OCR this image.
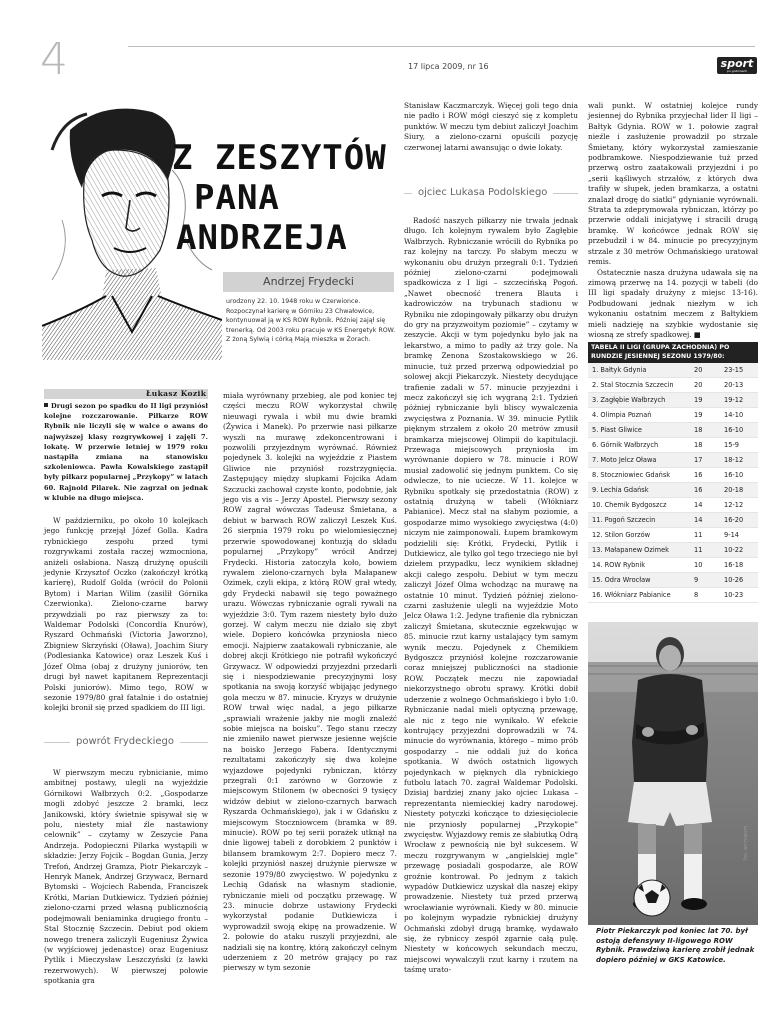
4	17 lipca 2009, nr 16	sport
po godzinach
Z ZESZYTÓW
PANA
ANDRZEJA
Andrzej Frydecki
urodzony 22. 10. 1948 roku w Czerwionce. Rozpoczynał karierę w Górniku 23 Chwałowice, kontynuował ją w KS ROW Rybnik. Później zajął się trenerką. Od 2003 roku pracuje w KS Energetyk ROW. Z żoną Sylwią i córką Mają mieszka w Żorach.
Łukasz Kozik
Drugi sezon po spadku do II ligi przyniósł kolejne rozczarowanie. Piłkarze ROW Rybnik nie liczyli się w walce o awans do najwyższej klasy rozgrywkowej i zajęli 7. lokatę. W przerwie letniej w 1979 roku nastąpiła zmiana na stanowisku szkoleniowca. Pawła Kowalskiego zastąpił były piłkarz popularnej „Przykopy” w latach 60. Rajnold Pilarek. Nie zagrzał on jednak w klubie na długo miejsca.

W październiku, po około 10 kolejkach jego funkcję przejął Józef Golla. Kadra rybnickiego zespołu przed tymi rozgrywkami została raczej wzmocniona, aniżeli osłabiona. Naszą drużynę opuścili jedynie Krzysztof Oczko (zakończył krótką karierę), Rudolf Golda (wrócił do Polonii Bytom) i Marian Wilim (zasilił Górnika Czerwionka). Zielono-czarne barwy przywdziali po raz pierwszy za to: Waldemar Podolski (Concordia Knurów), Ryszard Ochmański (Victoria Jaworzno), Zbigniew Skrzyński (Oława), Joachim Siury (Podlesianka Katowice) oraz Leszek Kuś i Józef Olma (obaj z drużyny juniorów, ten drugi był nawet kapitanem Reprezentacji Polski juniorów). Mimo tego, ROW w sezonie 1979/80 grał fatalnie i do ostatniej kolejki bronił się przed spadkiem do III ligi.

powrót Frydeckiego

W pierwszym meczu rybnicianie, mimo ambitnej postawy, ulegli na wyjeździe Górnikowi Wałbrzych 0:2. „Gospodarze mogli zdobyć jeszcze 2 bramki, lecz Janikowski, który świetnie spisywał się w polu, niestety miał źle nastawiony celownik” – czytamy w Zeszycie Pana Andrzeja. Podopieczni Pilarka wystąpili w składzie: Jerzy Fojcik – Bogdan Gunia, Jerzy Trefoń, Andrzej Gramza, Piotr Piekarczyk – Henryk Manek, Andrzej Grzywacz, Bernard Bytomski – Wojciech Rabenda, Franciszek Krótki, Marian Dutkiewicz. Tydzień później zielono-czarni przed własną publicznością podejmowali beniaminka drugiego frontu – Stal Stocznię Szczecin. Debiut pod okiem nowego trenera zaliczyli Eugeniusz Żywica (w wyjściowej jedenastce) oraz Eugeniusz Pytlik i Mieczysław Leszczyński (z ławki rezerwowych). W pierwszej połowie spotkania gra

miała wyrównany przebieg, ale pod koniec tej części meczu ROW wykorzystał chwilę nieuwagi rywala i wbił mu dwie bramki (Żywica i Manek). Po przerwie nasi piłkarze wyszli na murawę zdekoncentrowani i pozwolili przyjezdnym wyrównać. Również pojedynek 3. kolejki na wyjeździe z Piastem Gliwice nie przyniósł rozstrzygnięcia. Zastępujący między słupkami Fojcika Adam Szczucki zachował czyste konto, podobnie, jak jego vis a vis – Jerzy Apostel. Pierwszy sezony ROW zagrał wówczas Tadeusz Śmietana, a debiut w barwach ROW zaliczył Leszek Kuś. 26 sierpnia 1979 roku po wielomiesięcznej przerwie spowodowanej kontuzją do składu popularnej „Przykopy” wrócił Andrzej Frydecki. Historia zatoczyła koło, bowiem rywalem zielono-czarnych była Małapanew Ozimek, czyli ekipa, z którą ROW grał wtedy, gdy Frydecki nabawił się tego poważnego urazu. Wówczas rybniczanie ograli rywali na wyjeździe 3:0. Tym razem niestety było dużo gorzej. W całym meczu nie działo się zbyt wiele. Dopiero końcówka przyniosła nieco emocji. Najpierw zaatakowali rybniczanie, ale dobrej akcji Krótkiego nie potrafił wykończyć Grzywacz. W odpowiedzi przyjezdni przedarli się i niespodziewanie precyzyjnymi losy spotkania na swoją korzyść wbijając jedynego gola meczu w 87. minucie. Kryzys w drużynie ROW trwał więc nadal, a jego piłkarze „sprawiali wrażenie jakby nie mogli znaleźć sobie miejsca na boisku”. Tego stanu rzeczy nie zmieniło nawet pierwsze jesienne wejście na boisko Jerzego Fabera. Identycznymi rezultatami zakończyły się dwa kolejne wyjazdowe pojedynki rybniczan, którzy przegrali 0:1 zarówno w Gorzowie z miejscowym Stilonem (w obecności 9 tysięcy widzów debiut w zielono-czarnych barwach Ryszarda Ochmańskiego), jak i w Gdańsku z miejscowym Stoczniowcem (bramka w 89. minucie). ROW po tej serii porażek utknął na dnie ligowej tabeli z dorobkiem 2 punktów i bilansem bramkowym 2:7. Dopiero mecz 7. kolejki przyniósł naszej drużynie pierwsze w sezonie 1979/80 zwycięstwo. W pojedynku z Lechią Gdańsk na własnym stadionie, rybniczanie mieli od początku przewagę. W 23. minucie dobrze ustawiony Frydecki wykorzystał podanie Dutkiewicza i wyprowadził swoją ekipę na prowadzenie. W 2. połowie do ataku ruszyli przyjezdni, ale nadziali się na kontrę, którą zakończył celnym uderzeniem z 20 metrów grający po raz pierwszy w tym sezonie

Stanisław Kaczmarczyk. Więcej goli tego dnia nie padło i ROW mógł cieszyć się z kompletu punktów. W meczu tym debiut zaliczył Joachim Siury, a zielono-czarni opuścili pozycję czerwonej latarni awansując o dwie lokaty.

ojciec Lukasa Podolskiego

Radość naszych piłkarzy nie trwała jednak długo. Ich kolejnym rywalem było Zagłębie Wałbrzych. Rybniczanie wrócili do Rybnika po raz kolejny na tarczy. Po słabym meczu w wykonaniu obu drużyn przegrali 0:1. Tydzień później zielono-czarni podejmowali spadkowicza z I ligi – szczecińską Pogoń. „Nawet obecność trenera Blauta i kadrowiczów na trybunach stadionu w Rybniku nie zdopingowały piłkarzy obu drużyn do gry na przyzwoitym poziomie” – czytamy w zeszycie. Akcji w tym pojedynku było jak na lekarstwo, a mimo to padły aż trzy gole. Na bramkę Zenona Szostakowskiego w 26. minucie, tuż przed przerwą odpowiedział po solowej akcji Piekarczyk. Niestety decydujące trafienie zadali w 57. minucie przyjezdni i mecz zakończył się ich wygraną 2:1. Tydzień później rybniczanie byli bliscy wywalczenia zwycięstwa z Poznania. W 39. minucie Pytlik pięknym strzałem z około 20 metrów zmusił bramkarza miejscowej Olimpii do kapitulacji. Przewaga miejscowych przyniosła im wyrównanie dopiero w 78. minucie i ROW musiał zadowolić się jednym punktem. Co się odwlecze, to nie uciecze. W 11. kolejce w Rybniku spotkały się przedostatnia (ROW) z ostatnią drużyną w tabeli (Włókniarz Pabianice). Mecz stał na słabym poziomie, a gospodarze mimo wysokiego zwycięstwa (4:0) niczym nie zaimponowali. Łupem bramkowym podzielili się: Krótki, Frydecki, Pytlik i Dutkiewicz, ale tylko gol tego trzeciego nie był dziełem przypadku, lecz wynikiem składnej akcji całego zespołu. Debiut w tym meczu zaliczył Józef Olma wchodząc na murawę na ostatnie 10 minut. Tydzień później zielono-czarni zasłużenie ulegli na wyjeździe Moto Jelcz Oława 1:2. Jedyne trafienie dla rybniczan zaliczył Śmietana, skutecznie egzekwując w 85. minucie rzut karny ustalający tym samym wynik meczu. Pojedynek z Chemikiem Bydgoszcz przyniósł kolejne rozczarowanie coraz mniejszej publiczności na stadionie ROW. Początek meczu nie zapowiadał niekorzystnego obrotu sprawy. Krótki dobił uderzenie z wolnego Ochmańskiego i było 1:0. Rybniczanie nadal mieli optyczną przewagę, ale nic z tego nie wynikało. W efekcie kontrujący przyjezdni doprowadzili w 74. minucie do wyrównania, którego – mimo prób gospodarzy – nie oddali już do końca spotkania. W dwóch ostatnich ligowych pojedynkach w pięknych dla rybnickiego futbolu latach 70. zagrał Waldemar Podolski. Dzisiaj bardziej znany jako ojciec Lukasa – reprezentanta niemieckiej kadry narodowej. Niestety potyczki kończące to dziesięciolecie nie przyniosły popularnej „Przykopie” zwycięstw. Wyjazdowy remis ze słabiutką Odrą Wrocław z pewnością nie był sukcesem. W meczu rozgrywanym w „angielskiej mgle” przewagę posiadali gospodarze, ale ROW groźnie kontrował. Po jednym z takich wypadów Dutkiewicz uzyskał dla naszej ekipy prowadzenie. Niestety tuż przed przerwą wrocławianie wyrównali. Kiedy w 80. minucie po kolejnym wypadzie rybnickiej drużyny Ochmański zdobył drugą bramkę, wydawało się, że rybniccy zespół zgarnie całą pulę. Niestety w końcowych sekundach meczu, miejscowi wywalczyli rzut karny i rzutem na taśmę urato-

wali punkt. W ostatniej kolejce rundy jesiennej do Rybnika przyjechał lider II ligi – Bałtyk Gdynia. ROW w 1. połowie zagrał nieźle i zasłużenie prowadził po strzale Śmietany, który wykorzystał zamieszanie podbramkowe. Niespodziewanie tuż przed przerwą ostro zaatakowali przyjezdni i po „serii kąśliwych strzałów, z których dwa trafiły w słupek, jeden bramkarza, a ostatni znalazł drogę do siatki” gdynianie wyrównali. Strata ta zdeprymowała rybniczan, którzy po przerwie oddali inicjatywę i stracili drugą bramkę. W końcówce jednak ROW się przebudził i w 84. minucie po precyzyjnym strzale z 30 metrów Ochmańskiego uratował remis.

Ostatecznie nasza drużyna udawała się na zimową przerwę na 14. pozycji w tabeli (do III ligi spadały drużyny z miejsc 13-16). Podbudowani jednak niezłym w ich wykonaniu ostatnim meczem z Bałtykiem mieli nadzieję na szybkie wydostanie się wiosną ze strefy spadkowej. ■

TABELA II LIGI (GRUPA ZACHODNIA) PO RUNDZIE JESIENNEJ SEZONU 1979/80:
1. Bałtyk Gdynia	20	23-15
2. Stal Stocznia Szczecin	20	20-13
3. Zagłębie Wałbrzych	19	19-12
4. Olimpia Poznań	19	14-10
5. Piast Gliwice	18	16-10
6. Górnik Wałbrzych	18	15-9
7. Moto Jelcz Oława	17	18-12
8. Stoczniowiec Gdańsk	16	16-10
9. Lechia Gdańsk	16	20-18
10. Chemik Bydgoszcz	14	12-12
11. Pogoń Szczecin	14	16-20
12. Stilon Gorzów	11	9-14
13. Małapanew Ozimek	11	10-22
14. ROW Rybnik	10	16-18
15. Odra Wrocław	9	10-26
16. Włókniarz Pabianice	8	10-23
fot. archiwum
Piotr Piekarczyk pod koniec lat 70. był ostoją defensywy II-ligowego ROW Rybnik. Prawdziwą karierę zrobił jednak dopiero później w GKS Katowice.
